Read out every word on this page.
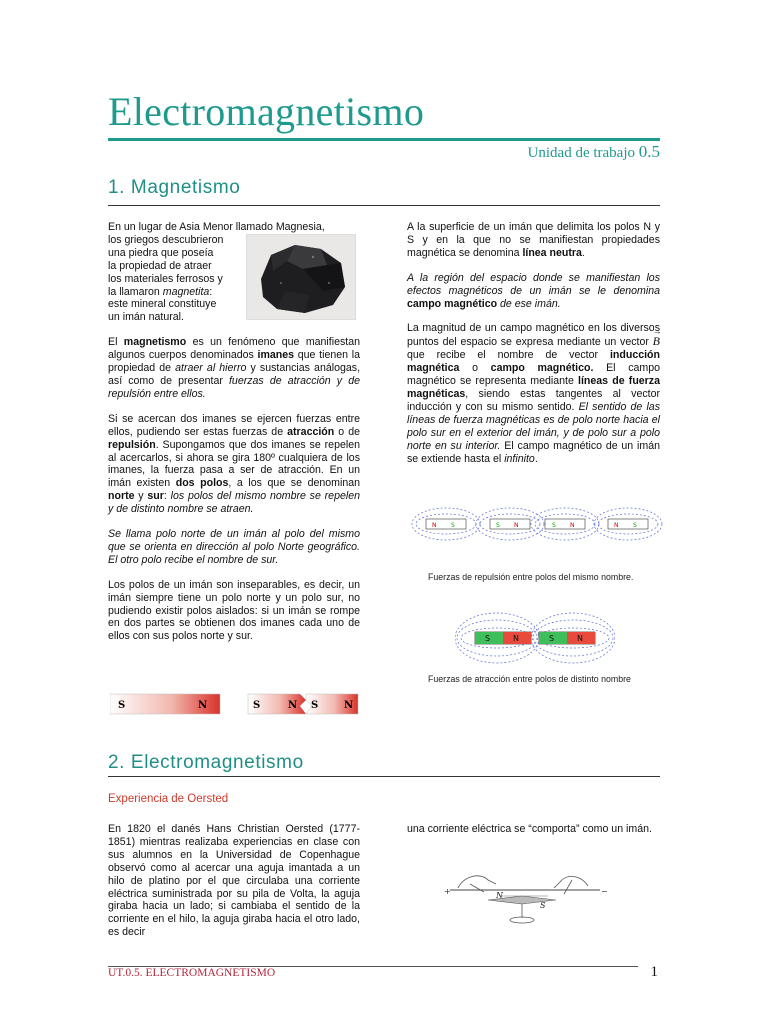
Electromagnetismo
Unidad de trabajo 0.5
1. Magnetismo

En un lugar de Asia Menor llamado Magnesia,
los griegos descubrieron
una piedra que poseía
la propiedad de atraer
los materiales ferrosos y
la llamaron magnetita:
este mineral constituye
un imán natural.

El magnetismo es un fenómeno que manifiestan algunos cuerpos denominados imanes que tienen la propiedad de atraer al hierro y sustancias análogas, así como de presentar fuerzas de atracción y de repulsión entre ellos.

Si se acercan dos imanes se ejercen fuerzas entre ellos, pudiendo ser estas fuerzas de atracción o de repulsión. Supongamos que dos imanes se repelen al acercarlos, si ahora se gira 180º cualquiera de los imanes, la fuerza pasa a ser de atracción. En un imán existen dos polos, a los que se denominan norte y sur: los polos del mismo nombre se repelen y de distinto nombre se atraen.

Se llama polo norte de un imán al polo del mismo que se orienta en dirección al polo Norte geográfico. El otro polo recibe el nombre de sur.

Los polos de un imán son inseparables, es decir, un imán siempre tiene un polo norte y un polo sur, no pudiendo existir polos aislados: si un imán se rompe en dos partes se obtienen dos imanes cada uno de ellos con sus polos norte y sur.

S	N	S	N S	N

A la superficie de un imán que delimita los polos N y S y en la que no se manifiestan propiedades magnética se denomina línea neutra.

A la región del espacio donde se manifiestan los efectos magnéticos de un imán se le denomina campo magnético de ese imán.

La magnitud de un campo magnético en los diversos puntos del espacio se expresa mediante un vector → B que recibe el nombre de vector inducción magnética o campo magnético. El campo magnético se representa mediante líneas de fuerza magnéticas, siendo estas tangentes al vector inducción y con su mismo sentido. El sentido de las líneas de fuerza magnéticas es de polo norte hacia el polo sur en el exterior del imán, y de polo sur a polo norte en su interior. El campo magnético de un imán se extiende hasta el infinito.

N S	S N	S N	N S
Fuerzas de repulsión entre polos del mismo nombre.
S	N	S	N
Fuerzas de atracción entre polos de distinto nombre
2. Electromagnetismo
Experiencia de Oersted

En 1820 el danés Hans Christian Oersted (1777-1851) mientras realizaba experiencias en clase con sus alumnos en la Universidad de Copenhague observó como al acercar una aguja imantada a un hilo de platino por el que circulaba una corriente eléctrica suministrada por su pila de Volta, la aguja giraba hacia un lado; si cambiaba el sentido de la corriente en el hilo, la aguja giraba hacia el otro lado, es decir

una corriente eléctrica se “comporta” como un imán.

+	−
N
S
UT.0.5. ELECTROMAGNETISMO	1
